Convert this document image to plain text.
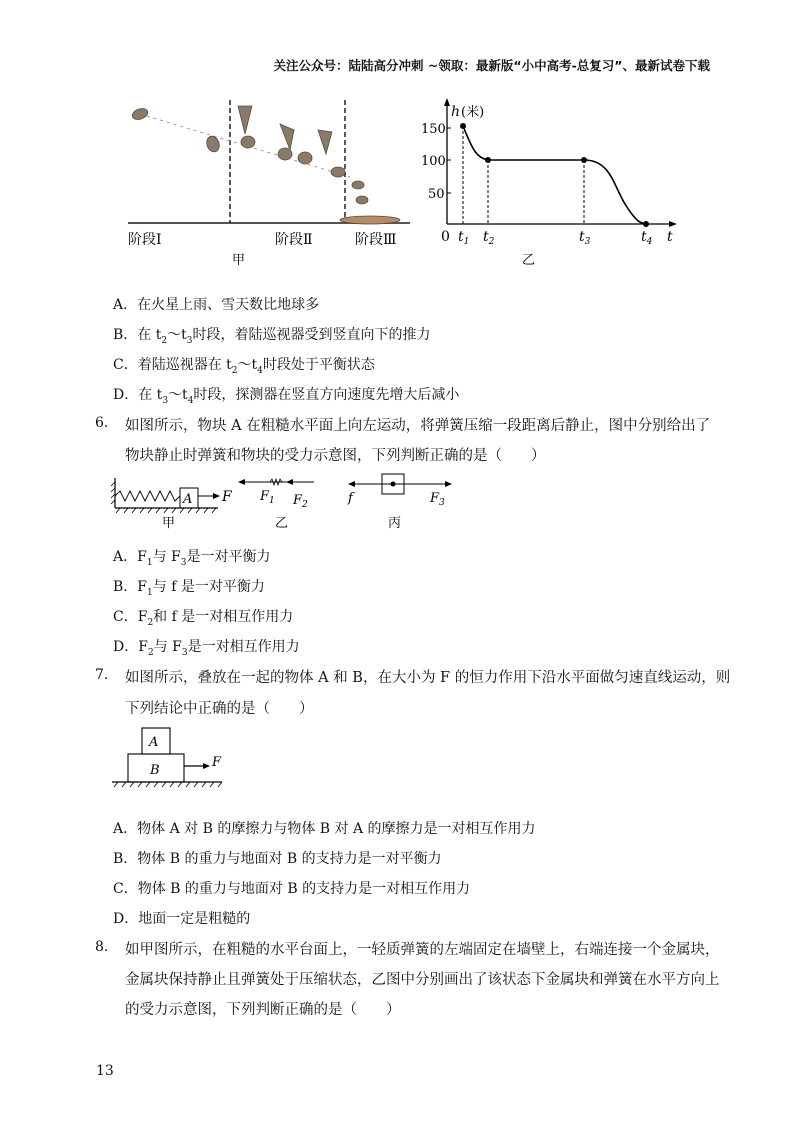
关注公众号：陆陆高分冲刺 ~领取：最新版“小中高考-总复习”、最新试卷下载
阶段Ⅰ	阶段Ⅱ	阶段Ⅲ
甲
h (米)
150
100
50
0 $t_1$ $t_2$	$t_3$	$t_4$ t
乙
A．在火星上雨、雪天数比地球多
B．在 $t_2\sim t_3$时段，着陆巡视器受到竖直向下的推力
C．着陆巡视器在 $t_2\sim t_4$时段处于平衡状态
D．在 $t_3\sim t_4$时段，探测器在竖直方向速度先增大后减小
6. 如图所示，物块 A 在粗糙水平面上向左运动，将弹簧压缩一段距离后静止，图中分别给出了
物块静止时弹簧和物块的受力示意图，下列判断正确的是（　　）
A F
甲
$F_1$ $F_2$
乙
f	$F_3$
丙
A．$F_1$与 $F_3$是一对平衡力
B．$F_1$与 f 是一对平衡力
C．$F_2$和 f 是一对相互作用力
D．$F_2$与 $F_3$是一对相互作用力
7. 如图所示，叠放在一起的物体 A 和 B，在大小为 F 的恒力作用下沿水平面做匀速直线运动，则
下列结论中正确的是（　　）
A
B
F
A．物体 A 对 B 的摩擦力与物体 B 对 A 的摩擦力是一对相互作用力
B．物体 B 的重力与地面对 B 的支持力是一对平衡力
C．物体 B 的重力与地面对 B 的支持力是一对相互作用力
D．地面一定是粗糙的
8. 如甲图所示，在粗糙的水平台面上，一轻质弹簧的左端固定在墙壁上，右端连接一个金属块，
金属块保持静止且弹簧处于压缩状态，乙图中分别画出了该状态下金属块和弹簧在水平方向上
的受力示意图，下列判断正确的是（　　）
13
